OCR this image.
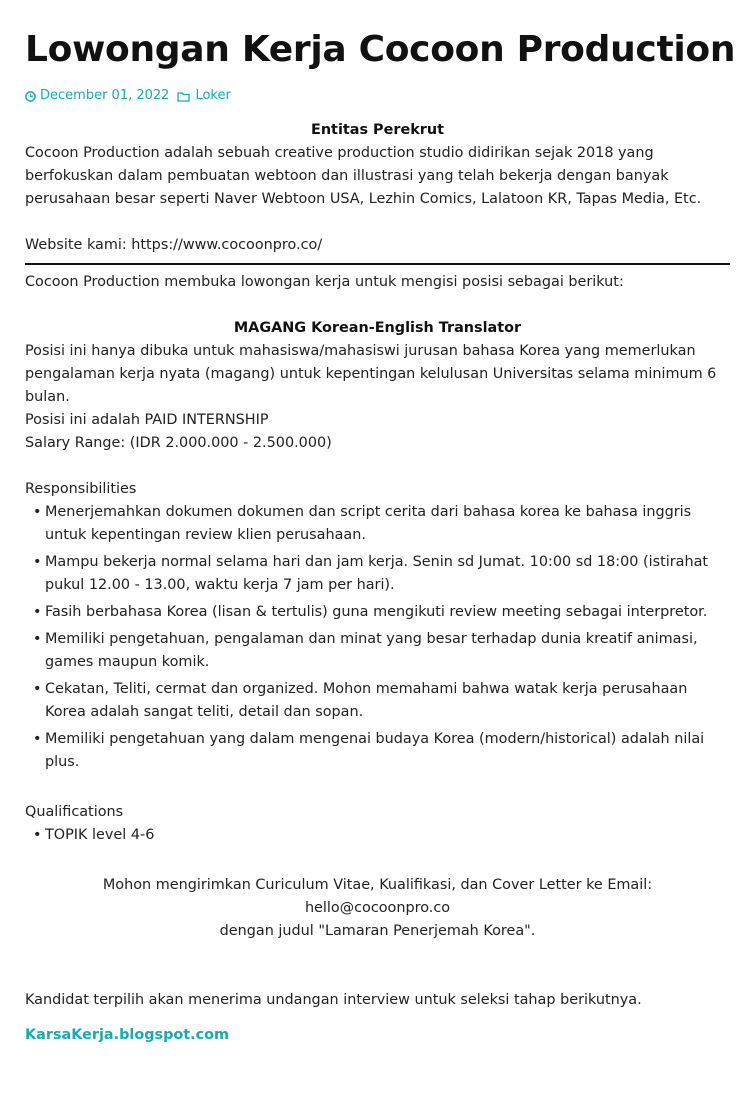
Lowongan Kerja Cocoon Production
December 01, 2022 Loker

Entitas Perekrut

Cocoon Production adalah sebuah creative production studio didirikan sejak 2018 yang berfokuskan dalam pembuatan webtoon dan illustrasi yang telah bekerja dengan banyak perusahaan besar seperti Naver Webtoon USA, Lezhin Comics, Lalatoon KR, Tapas Media, Etc.

Website kami: https://www.cocoonpro.co/

Cocoon Production membuka lowongan kerja untuk mengisi posisi sebagai berikut:

MAGANG Korean-English Translator

Posisi ini hanya dibuka untuk mahasiswa/mahasiswi jurusan bahasa Korea yang memerlukan pengalaman kerja nyata (magang) untuk kepentingan kelulusan Universitas selama minimum 6 bulan.

Posisi ini adalah PAID INTERNSHIP

Salary Range: (IDR 2.000.000 - 2.500.000)

Responsibilities

• Menerjemahkan dokumen dokumen dan script cerita dari bahasa korea ke bahasa inggris untuk kepentingan review klien perusahaan.
• Mampu bekerja normal selama hari dan jam kerja. Senin sd Jumat. 10:00 sd 18:00 (istirahat pukul 12.00 - 13.00, waktu kerja 7 jam per hari).
• Fasih berbahasa Korea (lisan & tertulis) guna mengikuti review meeting sebagai interpretor.
• Memiliki pengetahuan, pengalaman dan minat yang besar terhadap dunia kreatif animasi, games maupun komik.
• Cekatan, Teliti, cermat dan organized. Mohon memahami bahwa watak kerja perusahaan Korea adalah sangat teliti, detail dan sopan.
• Memiliki pengetahuan yang dalam mengenai budaya Korea (modern/historical) adalah nilai plus.

Qualifications

• TOPIK level 4-6

Mohon mengirimkan Curiculum Vitae, Kualifikasi, dan Cover Letter ke Email:

hello@cocoonpro.co

dengan judul "Lamaran Penerjemah Korea".

Kandidat terpilih akan menerima undangan interview untuk seleksi tahap berikutnya.

KarsaKerja.blogspot.com
